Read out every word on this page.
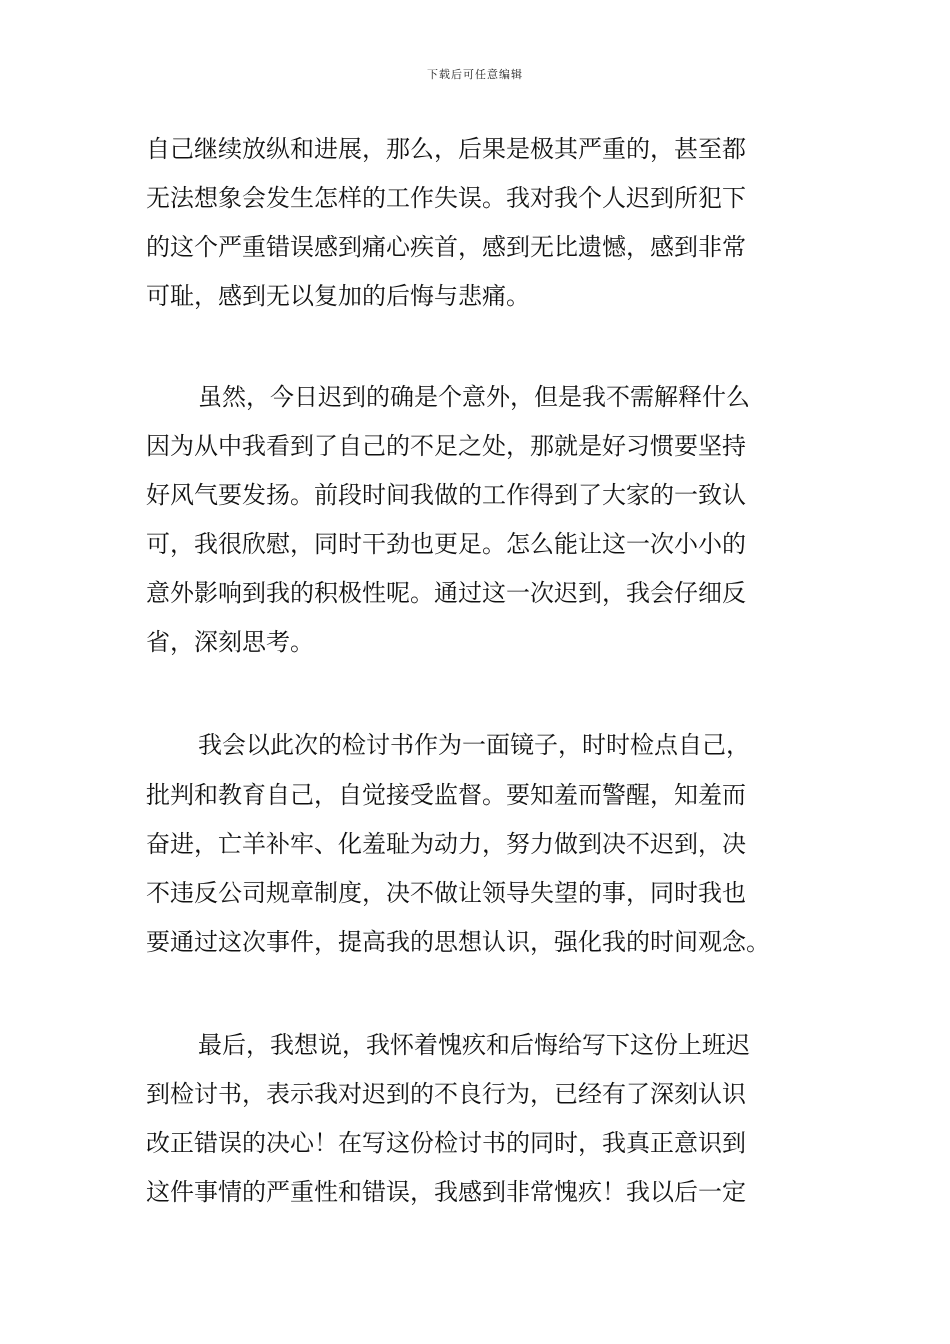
下载后可任意编辑
自己继续放纵和进展，那么，后果是极其严重的，甚至都
无法想象会发生怎样的工作失误。我对我个人迟到所犯下
的这个严重错误感到痛心疾首，感到无比遗憾，感到非常
可耻，感到无以复加的后悔与悲痛。
虽然，今日迟到的确是个意外，但是我不需解释什么
因为从中我看到了自己的不足之处，那就是好习惯要坚持
好风气要发扬。前段时间我做的工作得到了大家的一致认
可，我很欣慰，同时干劲也更足。怎么能让这一次小小的
意外影响到我的积极性呢。通过这一次迟到，我会仔细反
省，深刻思考。
我会以此次的检讨书作为一面镜子，时时检点自己，
批判和教育自己，自觉接受监督。要知羞而警醒，知羞而
奋进，亡羊补牢、化羞耻为动力，努力做到决不迟到，决
不违反公司规章制度，决不做让领导失望的事，同时我也
要通过这次事件，提高我的思想认识，强化我的时间观念。
最后，我想说，我怀着愧疚和后悔给写下这份上班迟
到检讨书，表示我对迟到的不良行为，已经有了深刻认识
改正错误的决心！在写这份检讨书的同时，我真正意识到
这件事情的严重性和错误，我感到非常愧疚！我以后一定
